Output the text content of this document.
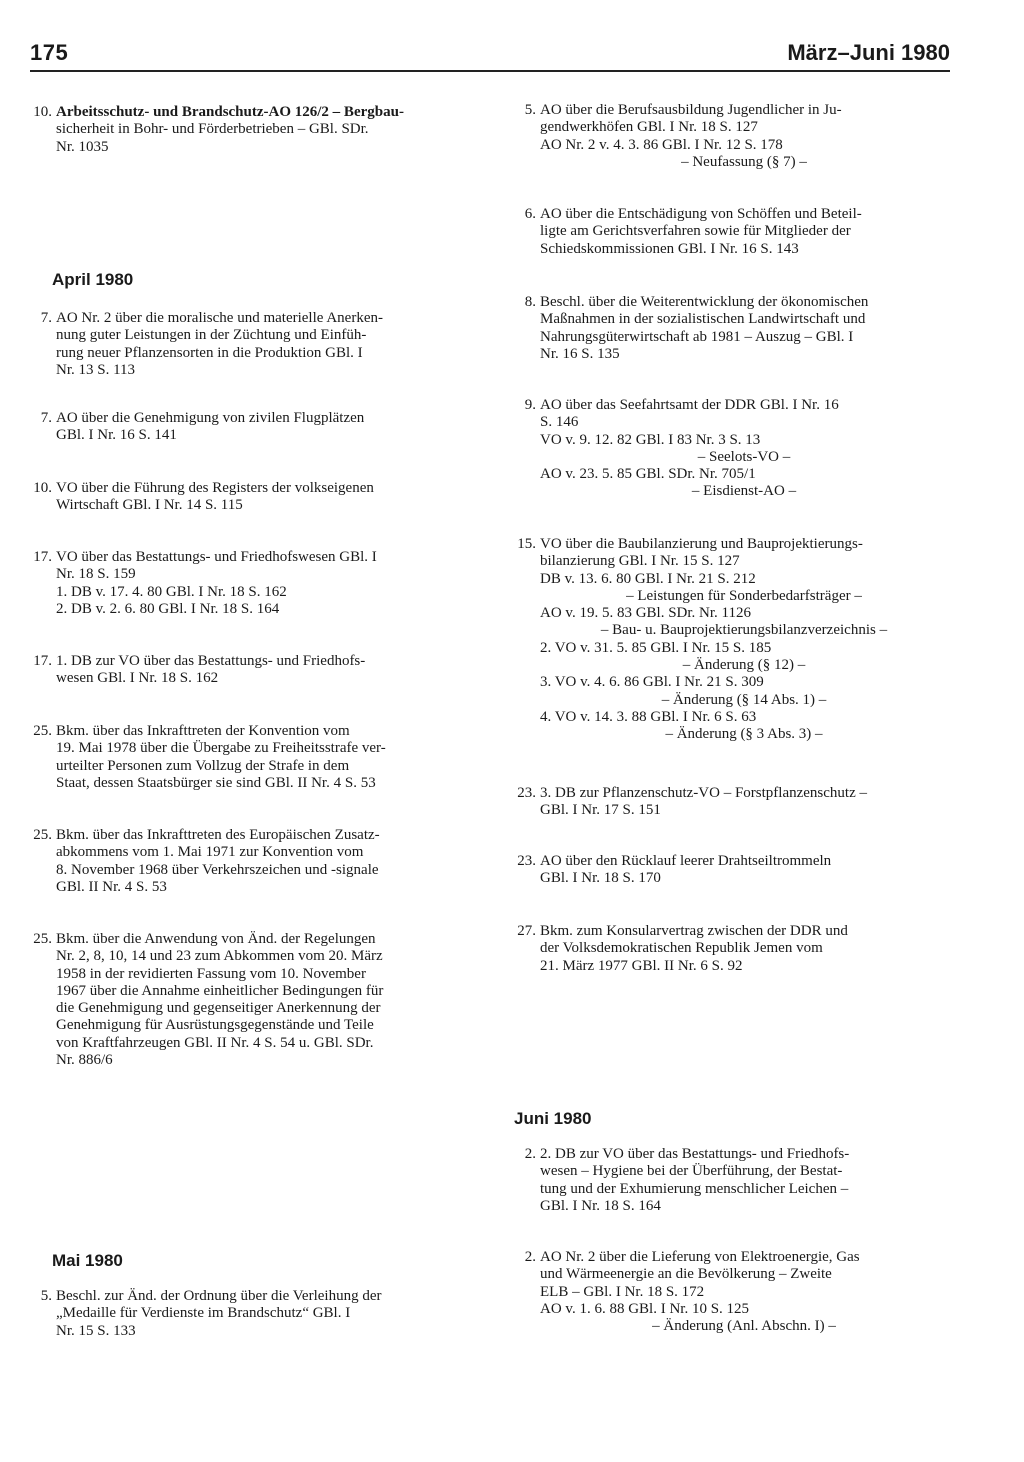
175	März–Juni 1980
10. Arbeitsschutz- und Brandschutz-AO 126/2 – Bergbau-
sicherheit in Bohr- und Förderbetrieben – GBl. SDr.
Nr. 1035
April 1980
7. AO Nr. 2 über die moralische und materielle Anerken-
nung guter Leistungen in der Züchtung und Einfüh-
rung neuer Pflanzensorten in die Produktion GBl. I
Nr. 13 S. 113
7. AO über die Genehmigung von zivilen Flugplätzen
GBl. I Nr. 16 S. 141
10. VO über die Führung des Registers der volkseigenen
Wirtschaft GBl. I Nr. 14 S. 115
17. VO über das Bestattungs- und Friedhofswesen GBl. I
Nr. 18 S. 159
1. DB v. 17. 4. 80 GBl. I Nr. 18 S. 162
2. DB v. 2. 6. 80 GBl. I Nr. 18 S. 164
17. 1. DB zur VO über das Bestattungs- und Friedhofs-
wesen GBl. I Nr. 18 S. 162
25. Bkm. über das Inkrafttreten der Konvention vom
19. Mai 1978 über die Übergabe zu Freiheitsstrafe ver-
urteilter Personen zum Vollzug der Strafe in dem
Staat, dessen Staatsbürger sie sind GBl. II Nr. 4 S. 53
25. Bkm. über das Inkrafttreten des Europäischen Zusatz-
abkommens vom 1. Mai 1971 zur Konvention vom
8. November 1968 über Verkehrszeichen und -signale
GBl. II Nr. 4 S. 53
25. Bkm. über die Anwendung von Änd. der Regelungen
Nr. 2, 8, 10, 14 und 23 zum Abkommen vom 20. März
1958 in der revidierten Fassung vom 10. November
1967 über die Annahme einheitlicher Bedingungen für
die Genehmigung und gegenseitiger Anerkennung der
Genehmigung für Ausrüstungsgegenstände und Teile
von Kraftfahrzeugen GBl. II Nr. 4 S. 54 u. GBl. SDr.
Nr. 886/6
Mai 1980
5. Beschl. zur Änd. der Ordnung über die Verleihung der
„Medaille für Verdienste im Brandschutz“ GBl. I
Nr. 15 S. 133
5. AO über die Berufsausbildung Jugendlicher in Ju-
gendwerkhöfen GBl. I Nr. 18 S. 127
AO Nr. 2 v. 4. 3. 86 GBl. I Nr. 12 S. 178
– Neufassung (§ 7) –
6. AO über die Entschädigung von Schöffen und Beteil-
ligte am Gerichtsverfahren sowie für Mitglieder der
Schiedskommissionen GBl. I Nr. 16 S. 143
8. Beschl. über die Weiterentwicklung der ökonomischen
Maßnahmen in der sozialistischen Landwirtschaft und
Nahrungsgüterwirtschaft ab 1981 – Auszug – GBl. I
Nr. 16 S. 135
9. AO über das Seefahrtsamt der DDR GBl. I Nr. 16
S. 146
VO v. 9. 12. 82 GBl. I 83 Nr. 3 S. 13
– Seelots-VO –
AO v. 23. 5. 85 GBl. SDr. Nr. 705/1
– Eisdienst-AO –
15. VO über die Baubilanzierung und Bauprojektierungs-
bilanzierung GBl. I Nr. 15 S. 127
DB v. 13. 6. 80 GBl. I Nr. 21 S. 212
– Leistungen für Sonderbedarfsträger –
AO v. 19. 5. 83 GBl. SDr. Nr. 1126
– Bau- u. Bauprojektierungsbilanzverzeichnis –
2. VO v. 31. 5. 85 GBl. I Nr. 15 S. 185
– Änderung (§ 12) –
3. VO v. 4. 6. 86 GBl. I Nr. 21 S. 309
– Änderung (§ 14 Abs. 1) –
4. VO v. 14. 3. 88 GBl. I Nr. 6 S. 63
– Änderung (§ 3 Abs. 3) –
23. 3. DB zur Pflanzenschutz-VO – Forstpflanzenschutz –
GBl. I Nr. 17 S. 151
23. AO über den Rücklauf leerer Drahtseiltrommeln
GBl. I Nr. 18 S. 170
27. Bkm. zum Konsularvertrag zwischen der DDR und
der Volksdemokratischen Republik Jemen vom
21. März 1977 GBl. II Nr. 6 S. 92
Juni 1980
2. 2. DB zur VO über das Bestattungs- und Friedhofs-
wesen – Hygiene bei der Überführung, der Bestat-
tung und der Exhumierung menschlicher Leichen –
GBl. I Nr. 18 S. 164
2. AO Nr. 2 über die Lieferung von Elektroenergie, Gas
und Wärmeenergie an die Bevölkerung – Zweite
ELB – GBl. I Nr. 18 S. 172
AO v. 1. 6. 88 GBl. I Nr. 10 S. 125
– Änderung (Anl. Abschn. I) –
